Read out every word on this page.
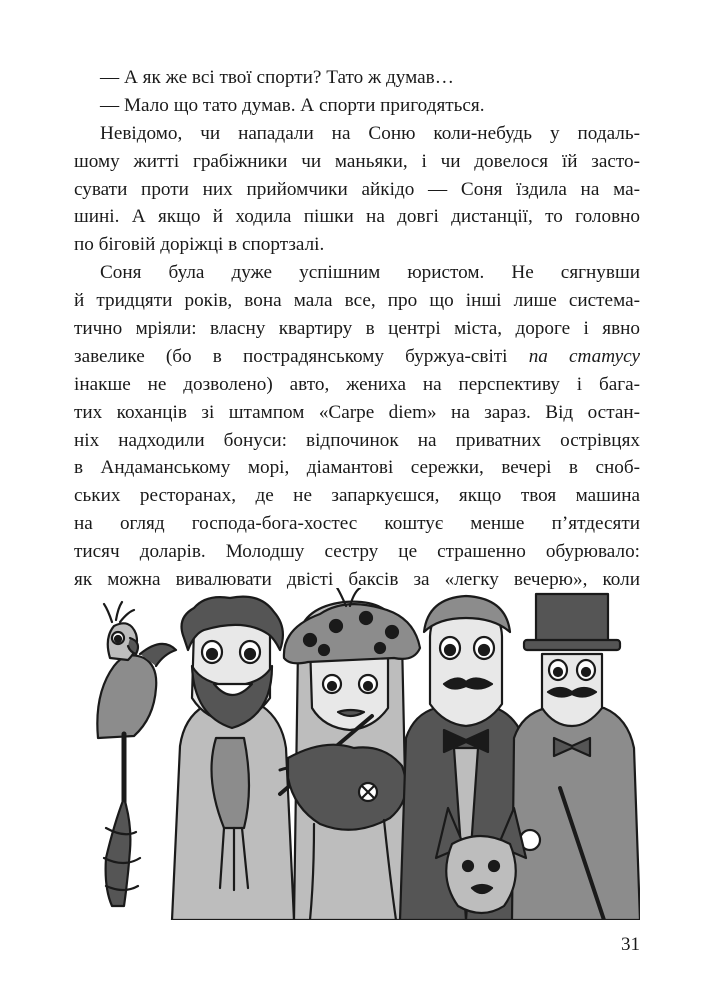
— А як же всі твої спорти? Тато ж думав…
— Мало що тато думав. А спорти пригодяться.
Невідомо, чи нападали на Соню коли-небудь у подаль-
шому житті грабіжники чи маньяки, і чи довелося їй засто-
сувати проти них прийомчики айкідо — Соня їздила на ма-
шині. А якщо й ходила пішки на довгі дистанції, то головно
по біговій доріжці в спортзалі.
Соня була дуже успішним юристом. Не сягнувши
й тридцяти років, вона мала все, про що інші лише система-
тично мріяли: власну квартиру в центрі міста, дороге і явно
завелике (бо в пострадянському буржуа-світі па статусу
інакше не дозволено) авто, жениха на перспективу і бага-
тих коханців зі штампом «Carpe diem» на зараз. Від остан-
ніх надходили бонуси: відпочинок на приватних острівцях
в Андаманському морі, діамантові сережки, вечері в сноб-
ських ресторанах, де не запаркуєшся, якщо твоя машина
на огляд господа-бога-хостес коштує менше п’ятдесяти
тисяч доларів. Молодшу сестру це страшенно обурювало:
як можна вивалювати двісті баксів за «легку вечерю», коли
31
